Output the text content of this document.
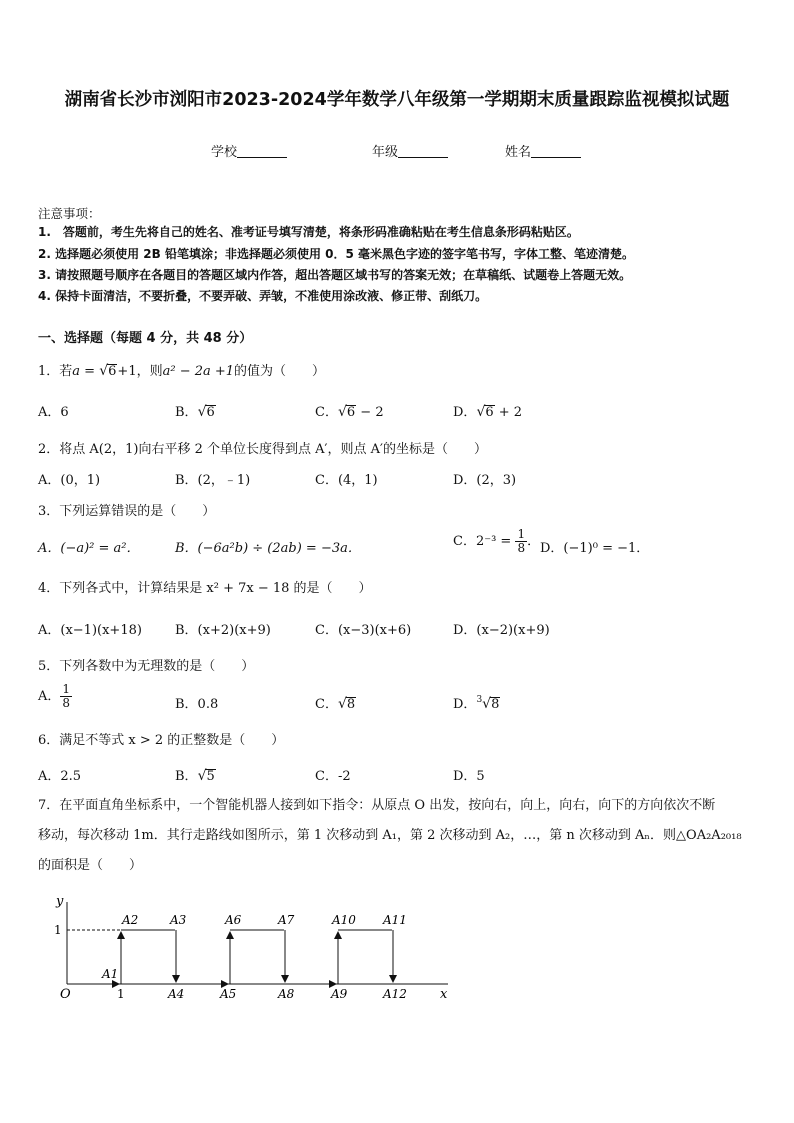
湖南省长沙市浏阳市2023-2024学年数学八年级第一学期期末质量跟踪监视模拟试题
学校	年级	姓名
注意事项：
1.　答题前，考生先将自己的姓名、准考证号填写清楚，将条形码准确粘贴在考生信息条形码粘贴区。
2. 选择题必须使用 2B 铅笔填涂；非选择题必须使用 0．5 毫米黑色字迹的签字笔书写，字体工整、笔迹清楚。
3. 请按照题号顺序在各题目的答题区域内作答，超出答题区域书写的答案无效；在草稿纸、试题卷上答题无效。
4. 保持卡面清洁，不要折叠，不要弄破、弄皱，不准使用涂改液、修正带、刮纸刀。
一、选择题（每题 4 分，共 48 分）
1．若a = √6+1，则a² − 2a +1的值为（　　）
A．6	B．√6	C．√6 − 2	D．√6 + 2
2．将点 A(2，1)向右平移 2 个单位长度得到点 A′，则点 A′的坐标是（　　）
A．(0，1)	B．(2，﹣1)	C．(4，1)	D．(2，3)
3．下列运算错误的是（　　）
A．(−a)² = a²．	B．(−6a²b) ÷ (2ab) = −3a．	C．$2^{-3} = \frac{1}{8}$ ． D．(−1)⁰ = −1．
4．下列各式中，计算结果是 x² + 7x − 18 的是（　　）
A．(x−1)(x+18)	B．(x+2)(x+9)	C．(x−3)(x+6)	D．(x−2)(x+9)
5．下列各数中为无理数的是（　　）
A． $\frac{1}{8}$	B．0.8	C．√8	D．$^3$√8
6．满足不等式 x > 2 的正整数是（　　）
A．2.5	B．√5	C．-2	D．5
7．在平面直角坐标系中，一个智能机器人接到如下指令：从原点 O 出发，按向右，向上，向右，向下的方向依次不断
移动，每次移动 1m．其行走路线如图所示，第 1 次移动到 A₁，第 2 次移动到 A₂，…，第 n 次移动到 Aₙ．则△OA₂A₂₀₁₈
的面积是（　　）
y
x
O
1
1
A1
A2	A3
A4	A5
A6	A7
A8	A9
A10 A11
A12
